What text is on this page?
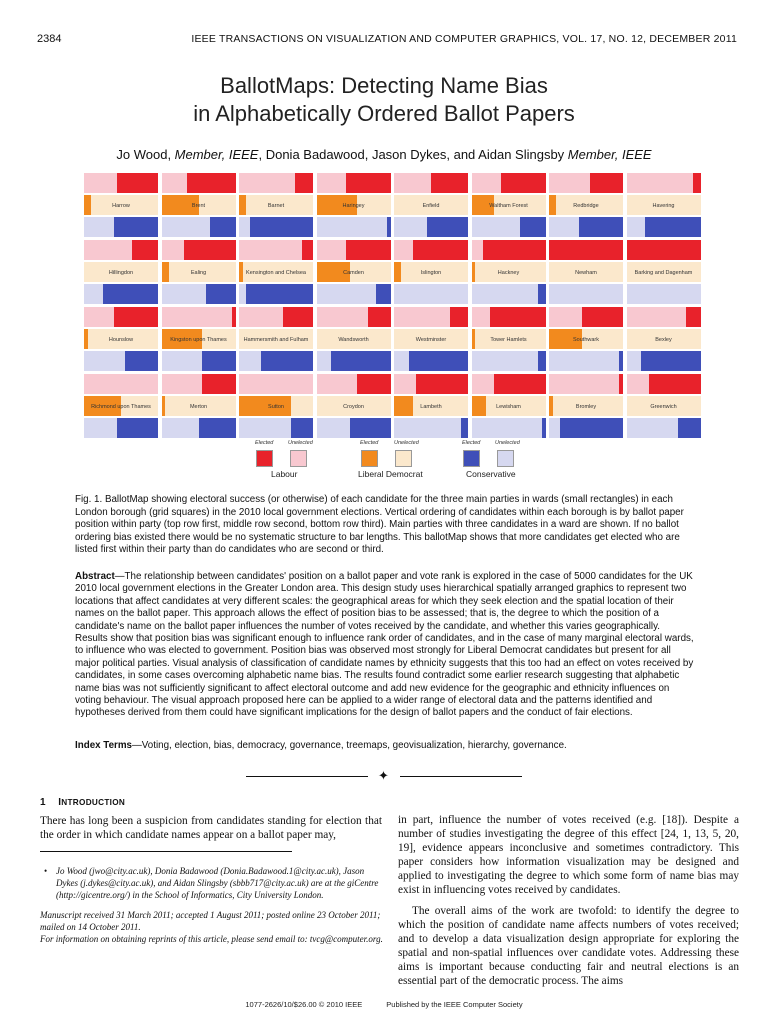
2384	IEEE TRANSACTIONS ON VISUALIZATION AND COMPUTER GRAPHICS, VOL. 17, NO. 12, DECEMBER 2011
BallotMaps: Detecting Name Bias
in Alphabetically Ordered Ballot Papers
Jo Wood, Member, IEEE, Donia Badawood, Jason Dykes, and Aidan Slingsby Member, IEEE
Harrow	Brent	Barnet	Haringey	Enfield	Waltham Forest	Redbridge	Havering
Hillingdon	Ealing	Kensington and Chelsea	Camden	Islington	Hackney	Newham	Barking and Dagenham
Hounslow	Kingston upon Thames	Hammersmith and Fulham	Wandsworth	Westminster	Tower Hamlets	Southwark	Bexley
Richmond upon Thames	Merton	Sutton	Croydon	Lambeth	Lewisham	Bromley	Greenwich
Elected	Unelected	Elected	Unelected	Elected	Unelected
Labour	Liberal Democrat	Conservative
Fig. 1. BallotMap showing electoral success (or otherwise) of each candidate for the three main parties in wards (small rectangles) in each London borough (grid squares) in the 2010 local government elections. Vertical ordering of candidates within each borough is by ballot paper position within party (top row first, middle row second, bottom row third). Main parties with three candidates in a ward are shown. If no ballot ordering bias existed there would be no systematic structure to bar lengths. This ballotMap shows that more candidates get elected who are listed first within their party than do candidates who are second or third.
Abstract—The relationship between candidates' position on a ballot paper and vote rank is explored in the case of 5000 candidates for the UK 2010 local government elections in the Greater London area. This design study uses hierarchical spatially arranged graphics to represent two locations that affect candidates at very different scales: the geographical areas for which they seek election and the spatial location of their names on the ballot paper. This approach allows the effect of position bias to be assessed; that is, the degree to which the position of a candidate's name on the ballot paper influences the number of votes received by the candidate, and whether this varies geographically. Results show that position bias was significant enough to influence rank order of candidates, and in the case of many marginal electoral wards, to influence who was elected to government. Position bias was observed most strongly for Liberal Democrat candidates but present for all major political parties. Visual analysis of classification of candidate names by ethnicity suggests that this too had an effect on votes received by candidates, in some cases overcoming alphabetic name bias. The results found contradict some earlier research suggesting that alphabetic name bias was not sufficiently significant to affect electoral outcome and add new evidence for the geographic and ethnicity influences on voting behaviour. The visual approach proposed here can be applied to a wider range of electoral data and the patterns identified and hypotheses derived from them could have significant implications for the design of ballot papers and the conduct of fair elections.
Index Terms—Voting, election, bias, democracy, governance, treemaps, geovisualization, hierarchy, governance.
✦
1 INTRODUCTION
There has long been a suspicion from candidates standing for election that the order in which candidate names appear on a ballot paper may,
• Jo Wood (jwo@city.ac.uk), Donia Badawood (Donia.Badawood.1@city.ac.uk), Jason Dykes (j.dykes@city.ac.uk), and Aidan Slingsby (sbbb717@city.ac.uk) are at the giCentre (http://gicentre.org/) in the School of Informatics, City University London.
Manuscript received 31 March 2011; accepted 1 August 2011; posted online 23 October 2011; mailed on 14 October 2011.
For information on obtaining reprints of this article, please send email to: tvcg@computer.org.

in part, influence the number of votes received (e.g. [18]). Despite a number of studies investigating the degree of this effect [24, 1, 13, 5, 20, 19], evidence appears inconclusive and sometimes contradictory. This paper considers how information visualization may be designed and applied to investigating the degree to which some form of name bias may exist in influencing votes received by candidates.

The overall aims of the work are twofold: to identify the degree to which the position of candidate name affects numbers of votes received; and to develop a data visualization design appropriate for exploring the spatial and non-spatial influences over candidate votes. Addressing these aims is important because conducting fair and neutral elections is an essential part of the democratic process. The aims

1077-2626/10/$26.00 © 2010 IEEE	Published by the IEEE Computer Society
